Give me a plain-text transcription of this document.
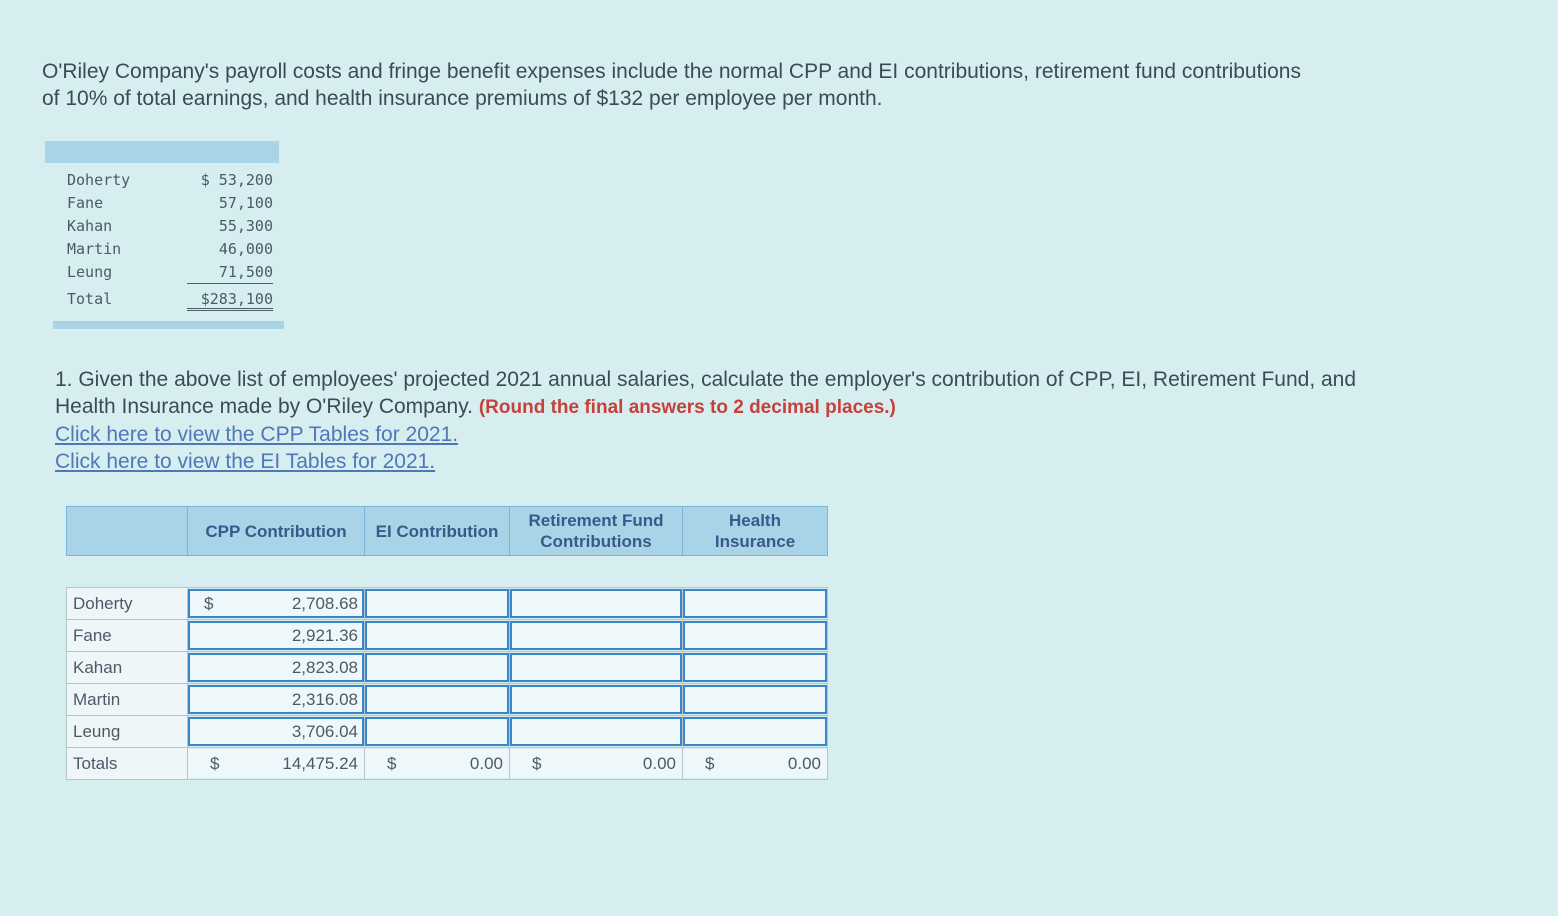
O'Riley Company's payroll costs and fringe benefit expenses include the normal CPP and EI contributions, retirement fund contributions of 10% of total earnings, and health insurance premiums of $132 per employee per month.
Doherty	$ 53,200
Fane	57,100
Kahan	55,300
Martin	46,000
Leung	71,500
Total	$283,100
1. Given the above list of employees' projected 2021 annual salaries, calculate the employer's contribution of CPP, EI, Retirement Fund, and Health Insurance made by O'Riley Company. (Round the final answers to 2 decimal places.)
Click here to view the CPP Tables for 2021.
Click here to view the EI Tables for 2021.
	CPP Contribution	EI Contribution	Retirement Fund Contributions	Health Insurance

Doherty	$ 2,708.68			

Fane	2,921.36			

Kahan	2,823.08			

Martin	2,316.08			

Leung	3,706.04			

Totals	$ 14,475.24	$ 0.00	$ 0.00	$ 0.00
